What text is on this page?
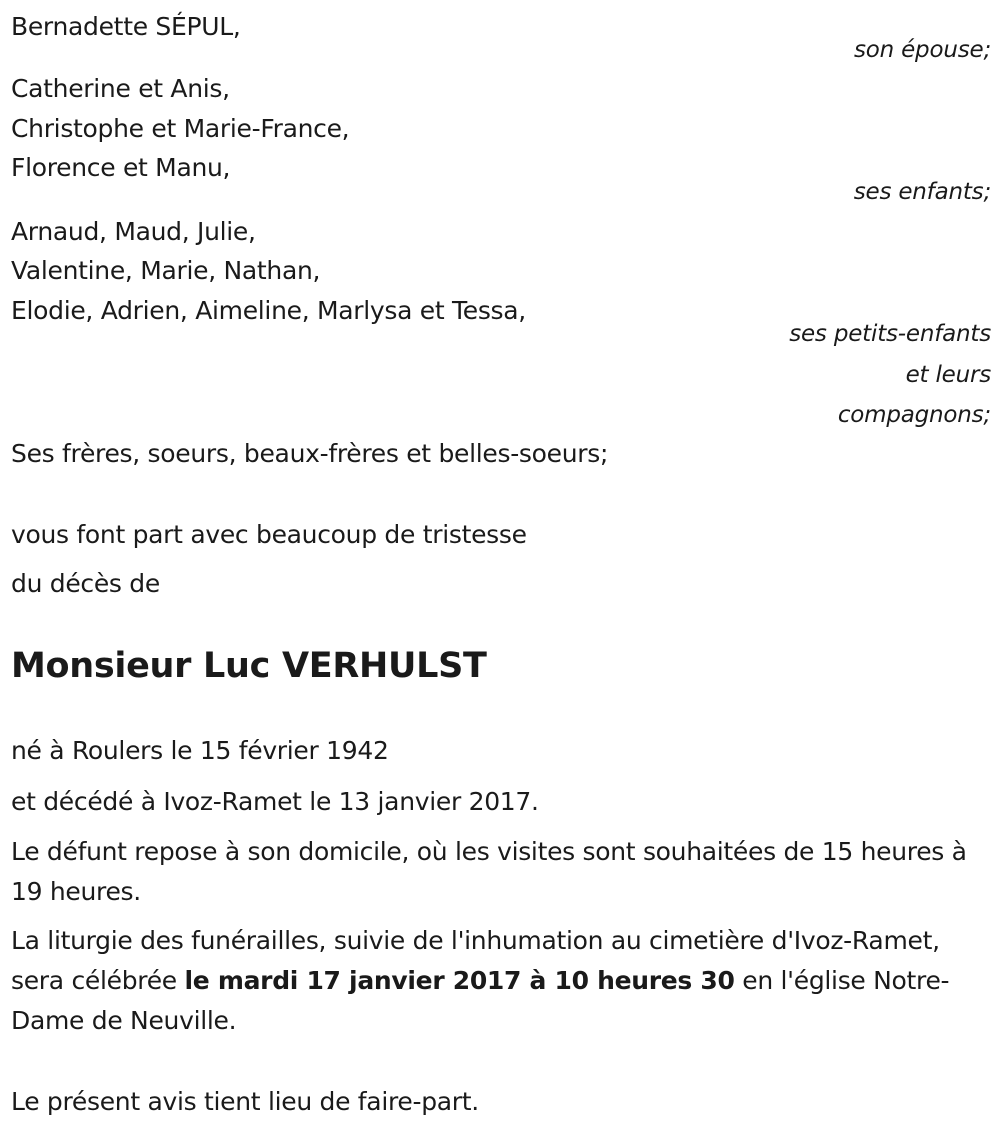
Bernadette SÉPUL,
son épouse;
Catherine et Anis,
Christophe et Marie-France,
Florence et Manu,
ses enfants;
Arnaud, Maud, Julie,
Valentine, Marie, Nathan,
Elodie, Adrien, Aimeline, Marlysa et Tessa,
ses petits-enfants
et leurs
compagnons;
Ses frères, soeurs, beaux-frères et belles-soeurs;
vous font part avec beaucoup de tristesse
du décès de
Monsieur Luc VERHULST
né à Roulers le 15 février 1942
et décédé à Ivoz-Ramet le 13 janvier 2017.
Le défunt repose à son domicile, où les visites sont souhaitées de 15 heures à 19 heures.
La liturgie des funérailles, suivie de l'inhumation au cimetière d'Ivoz-Ramet, sera célébrée le mardi 17 janvier 2017 à 10 heures 30 en l'église Notre-Dame de Neuville.
Le présent avis tient lieu de faire-part.
